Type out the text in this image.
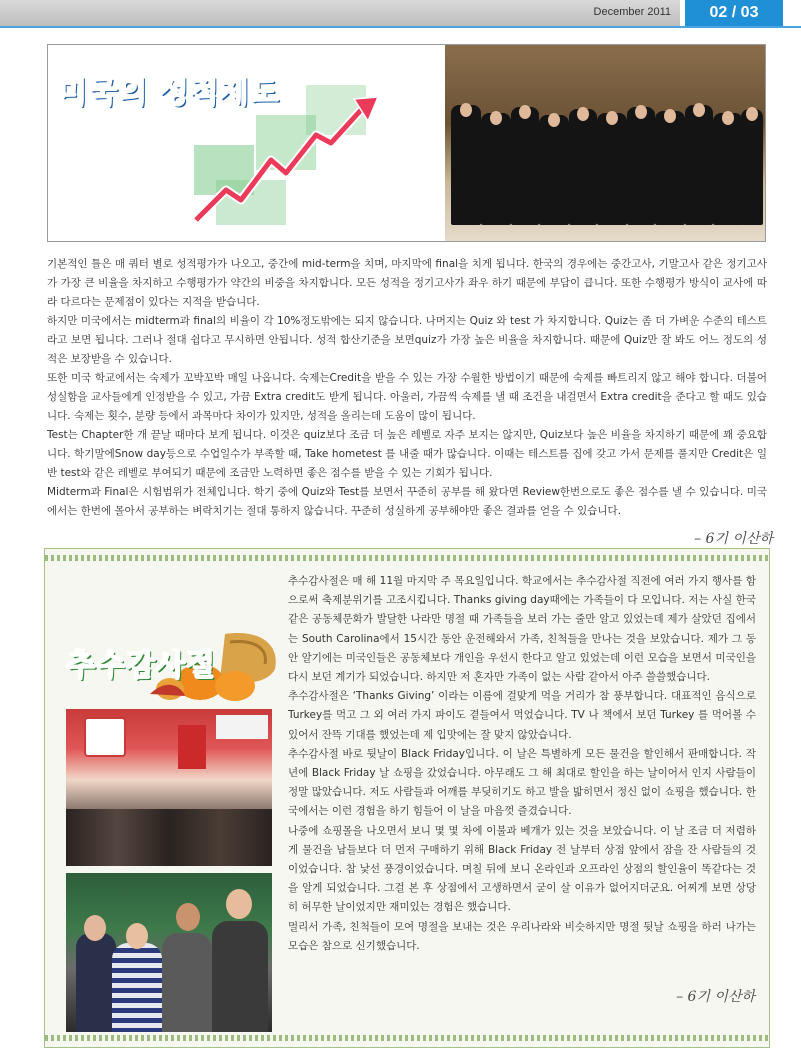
December 2011	02 / 03
미국의 성적제도

기본적인 틀은 매 쿼터 별로 성적평가가 나오고, 중간에 mid-term을 치며, 마지막에 final을 치게 됩니다. 한국의 경우에는 중간고사, 기말고사 같은 정기고사가 가장 큰 비율을 차지하고 수행평가가 약간의 비중을 차지합니다. 모든 성적을 정기고사가 좌우 하기 때문에 부담이 큽니다. 또한 수행평가 방식이 교사에 따라 다르다는 문제점이 있다는 지적을 받습니다.

하지만 미국에서는 midterm과 final의 비율이 각 10%정도밖에는 되지 않습니다. 나머지는 Quiz 와 test 가 차지합니다. Quiz는 좀 더 가벼운 수준의 테스트라고 보면 됩니다. 그러나 절대 쉽다고 무시하면 안됩니다. 성적 합산기준을 보면quiz가 가장 높은 비율을 차지합니다. 때문에 Quiz만 잘 봐도 어느 정도의 성적은 보장받을 수 있습니다.

또한 미국 학교에서는 숙제가 꼬박꼬박 매일 나옵니다. 숙제는Credit을 받을 수 있는 가장 수월한 방법이기 때문에 숙제를 빠트리지 않고 해야 합니다. 더불어 성실함을 교사들에게 인정받을 수 있고, 가끔 Extra credit도 받게 됩니다. 아울러, 가끔씩 숙제를 낼 때 조건을 내걸면서 Extra credit을 준다고 할 때도 있습니다. 숙제는 횟수, 분량 등에서 과목마다 차이가 있지만, 성적을 올리는데 도움이 많이 됩니다.

Test는 Chapter한 개 끝날 때마다 보게 됩니다. 이것은 quiz보다 조금 더 높은 레벨로 자주 보지는 않지만, Quiz보다 높은 비율을 차지하기 때문에 꽤 중요합니다. 학기말에Snow day등으로 수업일수가 부족할 때, Take hometest 를 내줄 때가 많습니다. 이때는 테스트를 집에 갖고 가서 문제를 풀지만 Credit은 일반 test와 같은 레벨로 부여되기 때문에 조금만 노력하면 좋은 점수를 받을 수 있는 기회가 됩니다.

Midterm과 Final은 시험범위가 전체입니다. 학기 중에 Quiz와 Test를 보면서 꾸준히 공부를 해 왔다면 Review한번으로도 좋은 점수를 낼 수 있습니다. 미국에서는 한번에 몰아서 공부하는 벼락치기는 절대 통하지 않습니다. 꾸준히 성실하게 공부해야만 좋은 결과를 얻을 수 있습니다.

– 6기 이산하
추수감사절

추수감사절은 매 해 11월 마지막 주 목요일입니다. 학교에서는 추수감사절 직전에 여러 가지 행사를 함으로써 축제분위기를 고조시킵니다. Thanks giving day때에는 가족들이 다 모입니다. 저는 사실 한국 같은 공동체문화가 발달한 나라만 명절 때 가족들을 보러 가는 줄만 알고 있었는데 제가 살았던 집에서는 South Carolina에서 15시간 동안 운전해와서 가족, 친척들을 만나는 것을 보았습니다. 제가 그 동안 알기에는 미국인들은 공동체보다 개인을 우선시 한다고 알고 있었는데 이런 모습을 보면서 미국인을 다시 보던 계기가 되었습니다. 하지만 저 혼자만 가족이 없는 사람 같아서 아주 쓸쓸했습니다.

추수감사절은 ‘Thanks Giving’ 이라는 이름에 걸맞게 먹을 거리가 참 풍부합니다. 대표적인 음식으로 Turkey를 먹고 그 외 여러 가지 파이도 곁들여서 먹었습니다. TV 나 책에서 보던 Turkey 를 먹어볼 수 있어서 잔뜩 기대를 했었는데 제 입맛에는 잘 맞지 않았습니다.

추수감사절 바로 뒷날이 Black Friday입니다. 이 날은 특별하게 모든 물건을 할인해서 판매합니다. 작년에 Black Friday 날 쇼핑을 갔었습니다. 아무래도 그 해 최대로 할인을 하는 날이어서 인지 사람들이 정말 많았습니다. 저도 사람들과 어깨를 부딪히기도 하고 발을 밟히면서 정신 없이 쇼핑을 했습니다. 한국에서는 이런 경험을 하기 힘들어 이 날을 마음껏 즐겼습니다.

나중에 쇼핑몰을 나오면서 보니 몇 몇 차에 이불과 베개가 있는 것을 보았습니다. 이 날 조금 더 저렴하게 물건을 남들보다 더 먼저 구매하기 위해 Black Friday 전 날부터 상점 앞에서 잠을 잔 사람들의 것이었습니다. 참 낯선 풍경이었습니다. 며칠 뒤에 보니 온라인과 오프라인 상점의 할인율이 똑같다는 것을 알게 되었습니다. 그걸 본 후 상점에서 고생하면서 굳이 살 이유가 없어지더군요. 어찌게 보면 상당히 허무한 날이었지만 재미있는 경험은 했습니다.

멀리서 가족, 친척들이 모여 명절을 보내는 것은 우리나라와 비슷하지만 명절 뒷날 쇼핑을 하러 나가는 모습은 참으로 신기했습니다.

– 6기 이산하
